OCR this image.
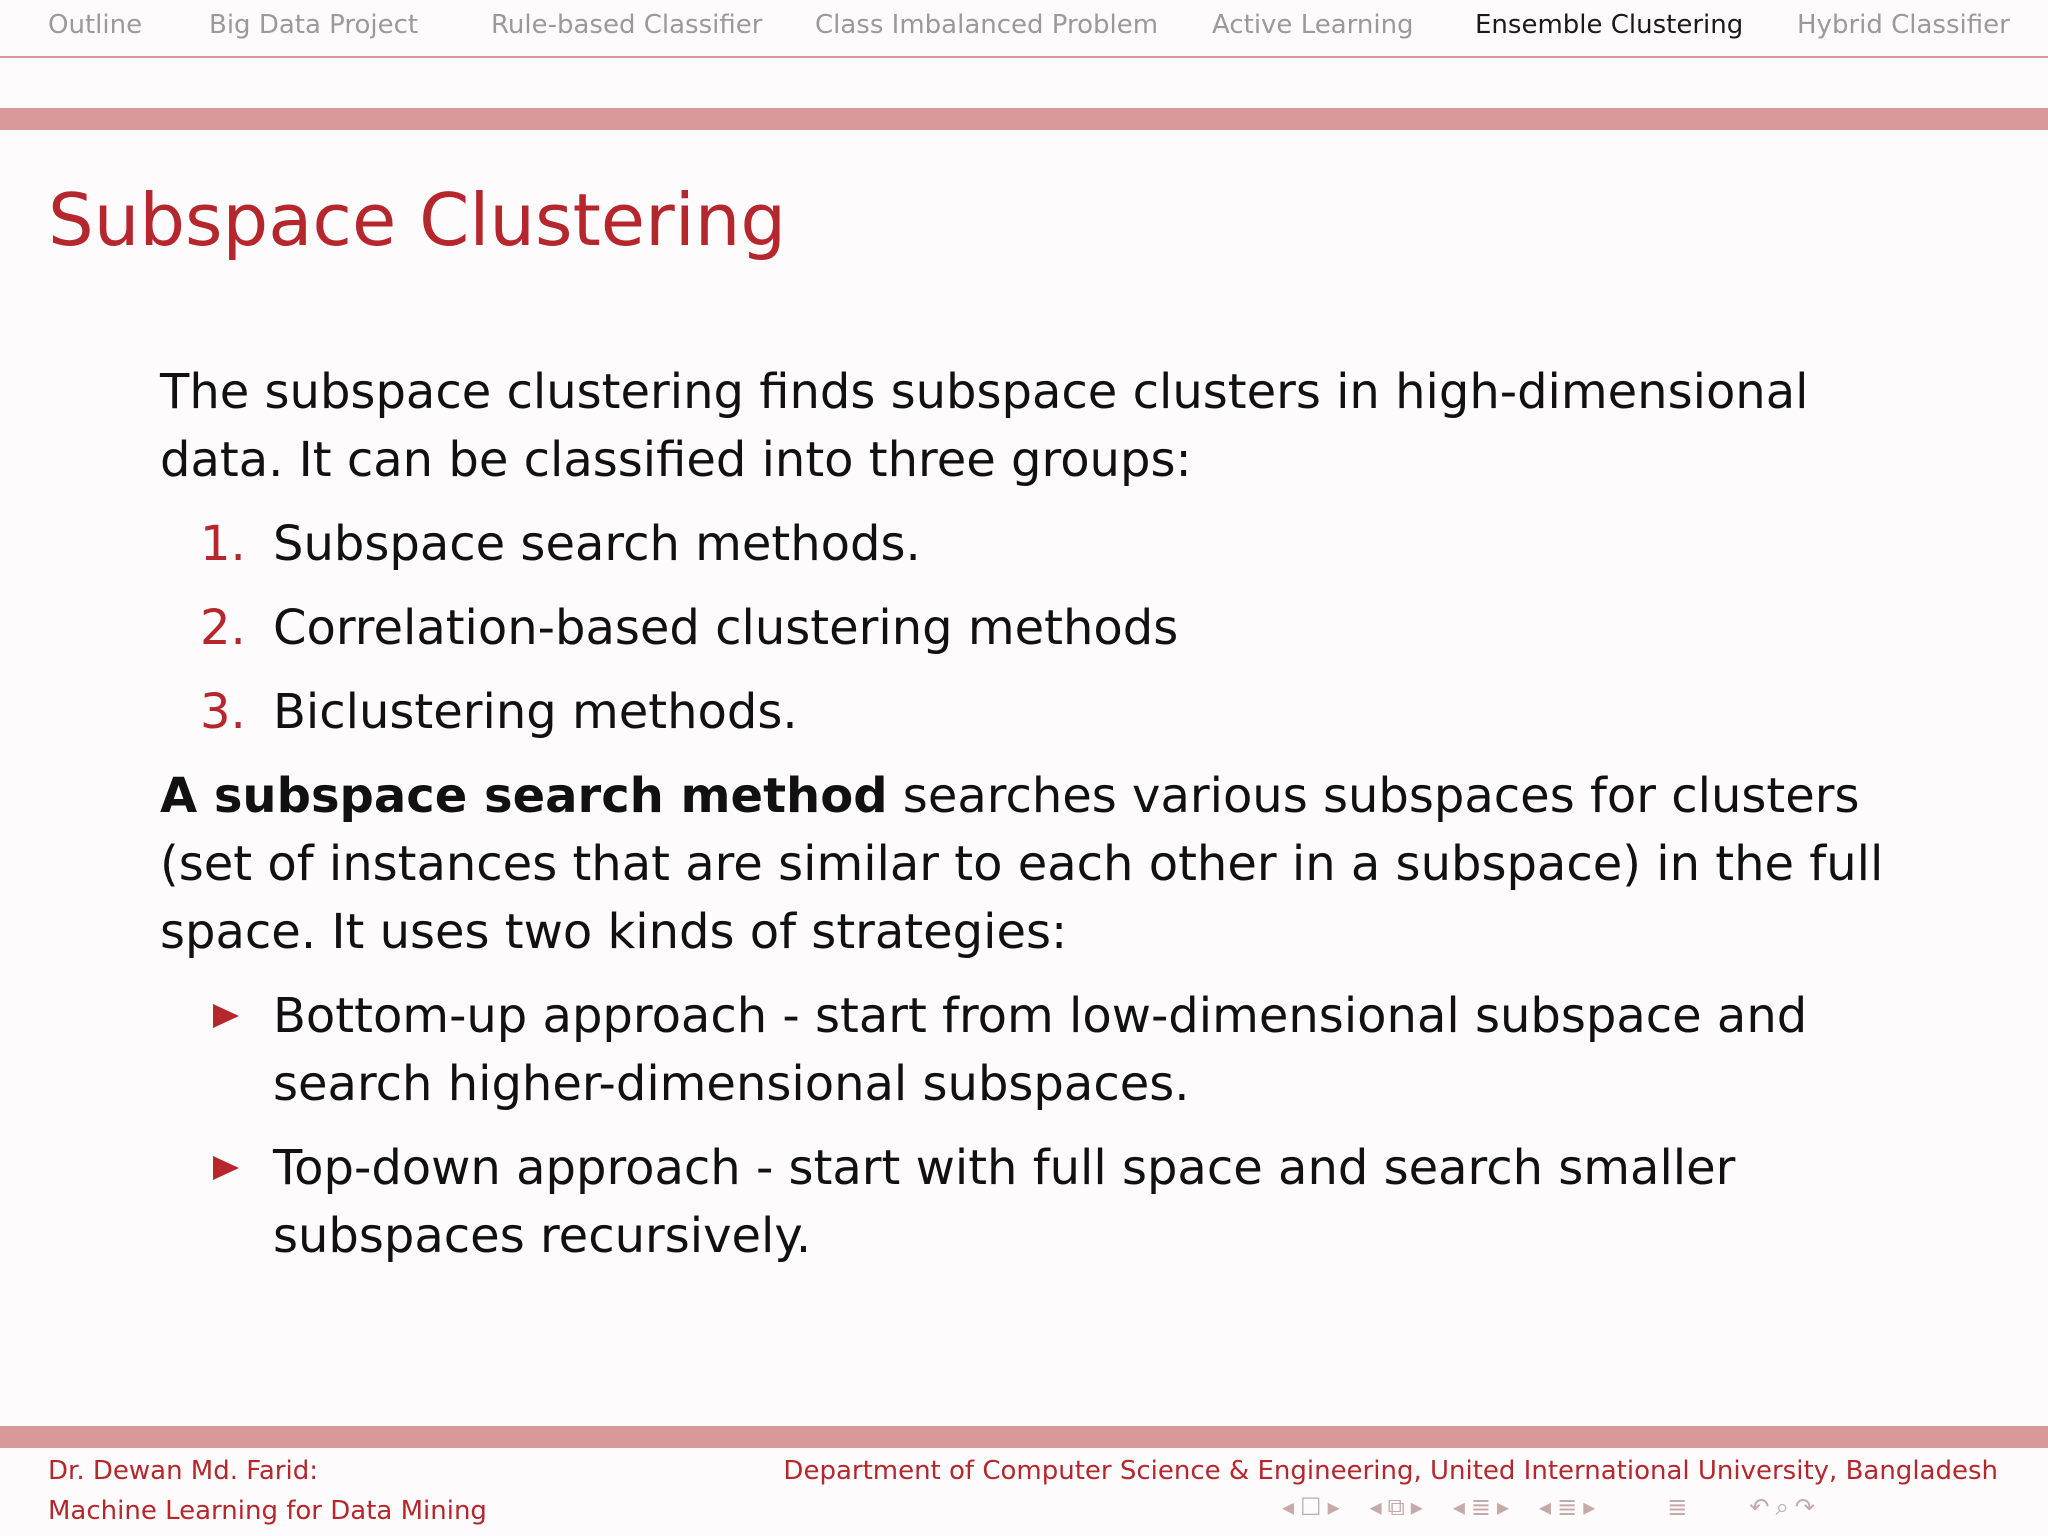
Outline	Big Data Project	Rule-based Classifier Class Imbalanced Problem Active Learning Ensemble Clustering Hybrid Classifier
Subspace Clustering

The subspace clustering finds subspace clusters in high-dimensional data. It can be classified into three groups:

1. Subspace search methods.
2. Correlation-based clustering methods
3. Biclustering methods.

A subspace search method searches various subspaces for clusters (set of instances that are similar to each other in a subspace) in the full space. It uses two kinds of strategies:

Bottom-up approach - start from low-dimensional subspace and search higher-dimensional subspaces.
Top-down approach - start with full space and search smaller subspaces recursively.
Dr. Dewan Md. Farid:
Machine Learning for Data Mining
Department of Computer Science & Engineering, United International University, Bangladesh
◂ ☐ ▸ ◂ ⧉ ▸ ◂ ≣ ▸ ◂ ≣ ▸	≣	↶ ⌕ ↷
